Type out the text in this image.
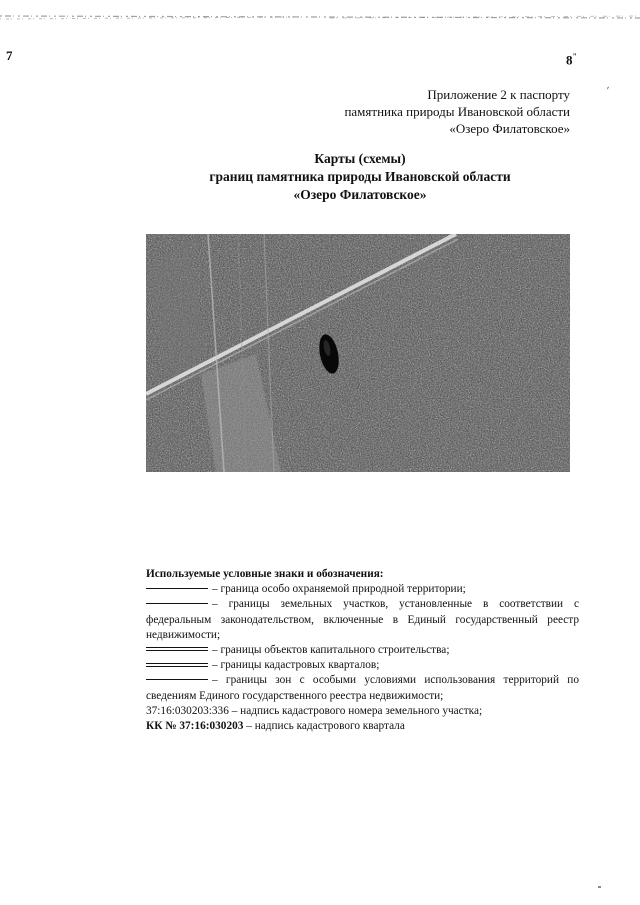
7	8"
´
Приложение 2 к паспорту
памятника природы Ивановской области
«Озеро Филатовское»
Карты (схемы)
границ памятника природы Ивановской области
«Озеро Филатовское»
Используемые условные знаки и обозначения:
– граница особо охраняемой природной территории;
– границы земельных участков, установленные в соответствии с федеральным законодательством, включенные в Единый государственный реестр недвижимости;
– границы объектов капитального строительства;
– границы кадастровых кварталов;
– границы зон с особыми условиями использования территорий по сведениям Единого государственного реестра недвижимости;
37:16:030203:336 – надпись кадастрового номера земельного участка;
КК № 37:16:030203 – надпись кадастрового квартала
